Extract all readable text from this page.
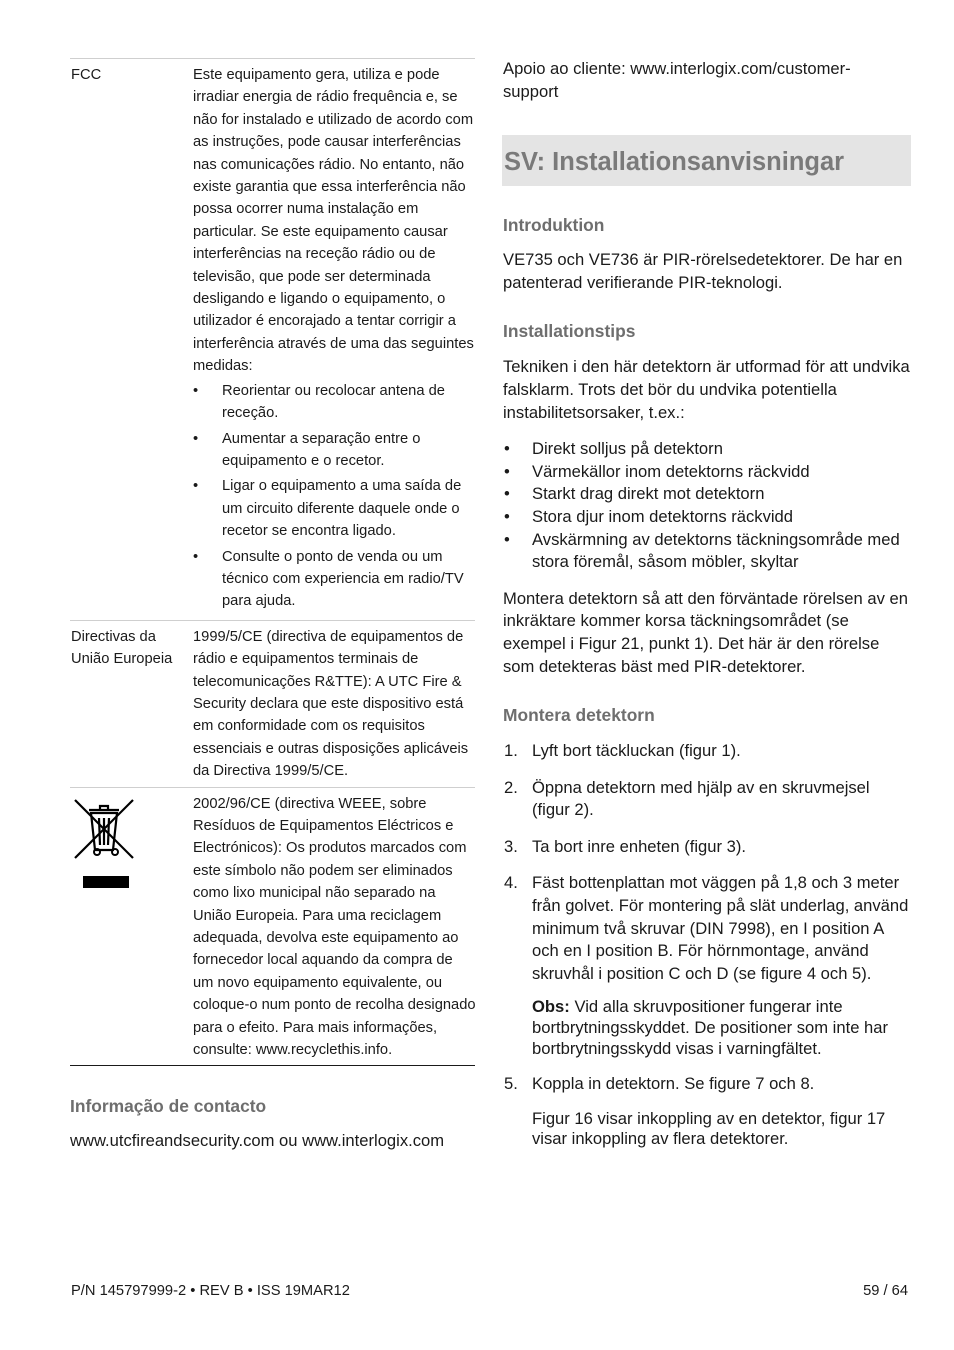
FCC	Este equipamento gera, utiliza e pode irradiar energia de rádio frequência e, se não for instalado e utilizado de acordo com as instruções, pode causar interferências nas comunicações rádio. No entanto, não existe garantia que essa interferência não possa ocorrer numa instalação em particular. Se este equipamento causar interferências na receção rádio ou de televisão, que pode ser determinada desligando e ligando o equipamento, o utilizador é encorajado a tentar corrigir a interferência através de uma das seguintes medidas:
• Reorientar ou recolocar antena de receção.
• Aumentar a separação entre o equipamento e o recetor.
• Ligar o equipamento a uma saída de um circuito diferente daquele onde o recetor se encontra ligado.
• Consulte o ponto de venda ou um técnico com experiencia em radio/TV para ajuda.
Directivas da União Europeia
1999/5/CE (directiva de equipamentos de rádio e equipamentos terminais de telecomunicações R&TTE): A UTC Fire & Security declara que este dispositivo está em conformidade com os requisitos essenciais e outras disposições aplicáveis da Directiva 1999/5/CE.
2002/96/CE (directiva WEEE, sobre Resíduos de Equipamentos Eléctricos e Electrónicos): Os produtos marcados com este símbolo não podem ser eliminados como lixo municipal não separado na União Europeia. Para uma reciclagem adequada, devolva este equipamento ao fornecedor local aquando da compra de um novo equipamento equivalente, ou coloque-o num ponto de recolha designado para o efeito. Para mais informações, consulte: www.recyclethis.info.
Informação de contacto

www.utcfireandsecurity.com ou www.interlogix.com

Apoio ao cliente: www.interlogix.com/customer-support

SV: Installationsanvisningar
Introduktion

VE735 och VE736 är PIR-rörelsedetektorer. De har en patenterad verifierande PIR-teknologi.

Installationstips

Tekniken i den här detektorn är utformad för att undvika falsklarm. Trots det bör du undvika potentiella instabilitetsorsaker, t.ex.:

• Direkt solljus på detektorn
• Värmekällor inom detektorns räckvidd
• Starkt drag direkt mot detektorn
• Stora djur inom detektorns räckvidd
• Avskärmning av detektorns täckningsområde med stora föremål, såsom möbler, skyltar

Montera detektorn så att den förväntade rörelsen av en inkräktare kommer korsa täckningsområdet (se exempel i Figur 21, punkt 1). Det här är den rörelse som detekteras bäst med PIR-detektorer.

Montera detektorn
1. Lyft bort täckluckan (figur 1).
2. Öppna detektorn med hjälp av en skruvmejsel (figur 2).
3. Ta bort inre enheten (figur 3).
4. Fäst bottenplattan mot väggen på 1,8 och 3 meter från golvet. För montering på slät underlag, använd minimum två skruvar (DIN 7998), en I position A och en I position B. För hörnmontage, använd skruvhål i position C och D (se figure 4 och 5).

Obs: Vid alla skruvpositioner fungerar inte bortbrytningsskyddet. De positioner som inte har bortbrytningsskydd visas i varningfältet.

5. Koppla in detektorn. Se figure 7 och 8.

Figur 16 visar inkoppling av en detektor, figur 17 visar inkoppling av flera detektorer.

P/N 145797999-2 • REV B • ISS 19MAR12	59 / 64
